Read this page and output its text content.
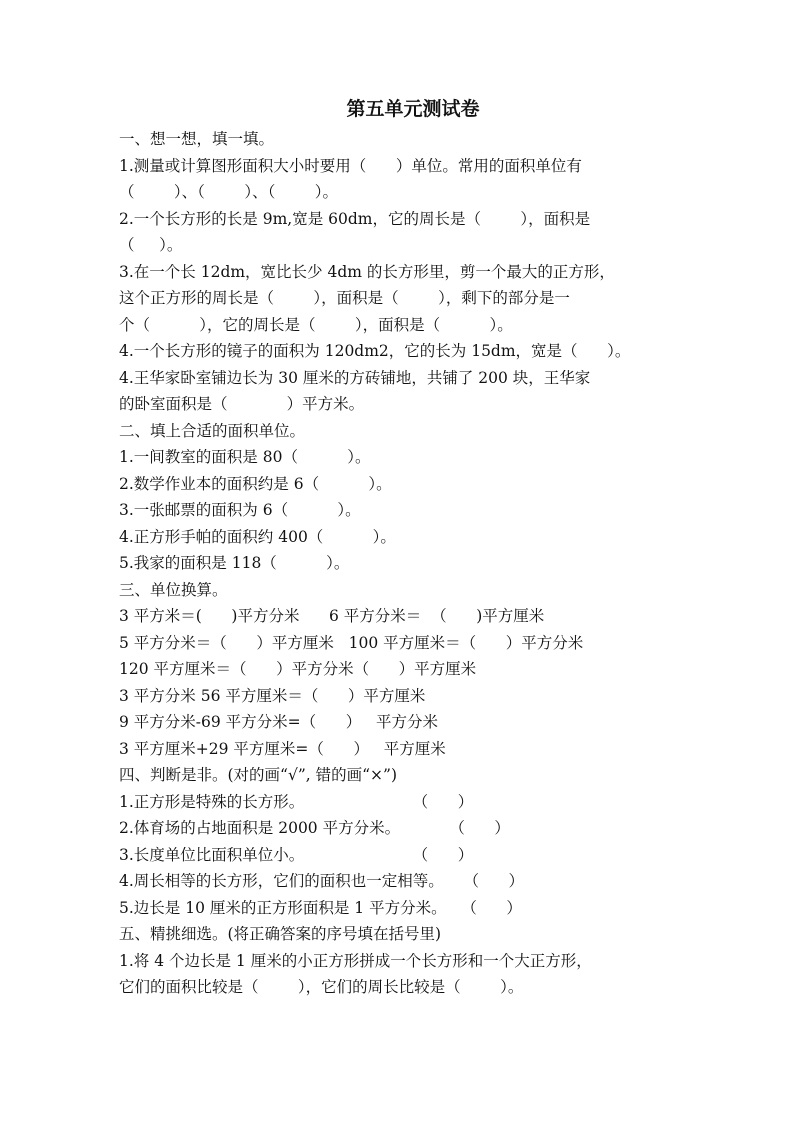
第五单元测试卷
一、想一想，填一填。
1.测量或计算图形面积大小时要用（      ）单位。常用的面积单位有
（        ）、（        ）、（        ）。
2.一个长方形的长是 9m,宽是 60dm，它的周长是（        ），面积是
（     ）。
3.在一个长 12dm，宽比长少 4dm 的长方形里，剪一个最大的正方形，
这个正方形的周长是（        ），面积是（        ），剩下的部分是一
个（          ），它的周长是（        ），面积是（          ）。
4.一个长方形的镜子的面积为 120dm2，它的长为 15dm，宽是（      ）。
4.王华家卧室铺边长为 30 厘米的方砖铺地，共铺了 200 块，王华家
的卧室面积是（            ）平方米。
二、填上合适的面积单位。
1.一间教室的面积是 80（          ）。
2.数学作业本的面积约是 6（          ）。
3.一张邮票的面积为 6（          ）。
4.正方形手帕的面积约 400（          ）。
5.我家的面积是 118（          ）。
三、单位换算。
3 平方米＝(      )平方分米      6 平方分米＝  （      )平方厘米
5 平方分米＝（      ）平方厘米   100 平方厘米＝（      ）平方分米
120 平方厘米＝（      ）平方分米（      ）平方厘米
3 平方分米 56 平方厘米＝（      ）平方厘米
9 平方分米-69 平方分米=（      ）   平方分米
3 平方厘米+29 平方厘米=（      ）   平方厘米
四、判断是非。(对的画“√”, 错的画“×”)
1.正方形是特殊的长方形。                      （      ）
2.体育场的占地面积是 2000 平方分米。          （      ）
3.长度单位比面积单位小。                      （      ）
4.周长相等的长方形，它们的面积也一定相等。    （      ）
5.边长是 10 厘米的正方形面积是 1 平方分米。   （      ）
五、精挑细选。(将正确答案的序号填在括号里)
1.将 4 个边长是 1 厘米的小正方形拼成一个长方形和一个大正方形，
它们的面积比较是（        ），它们的周长比较是（        ）。
